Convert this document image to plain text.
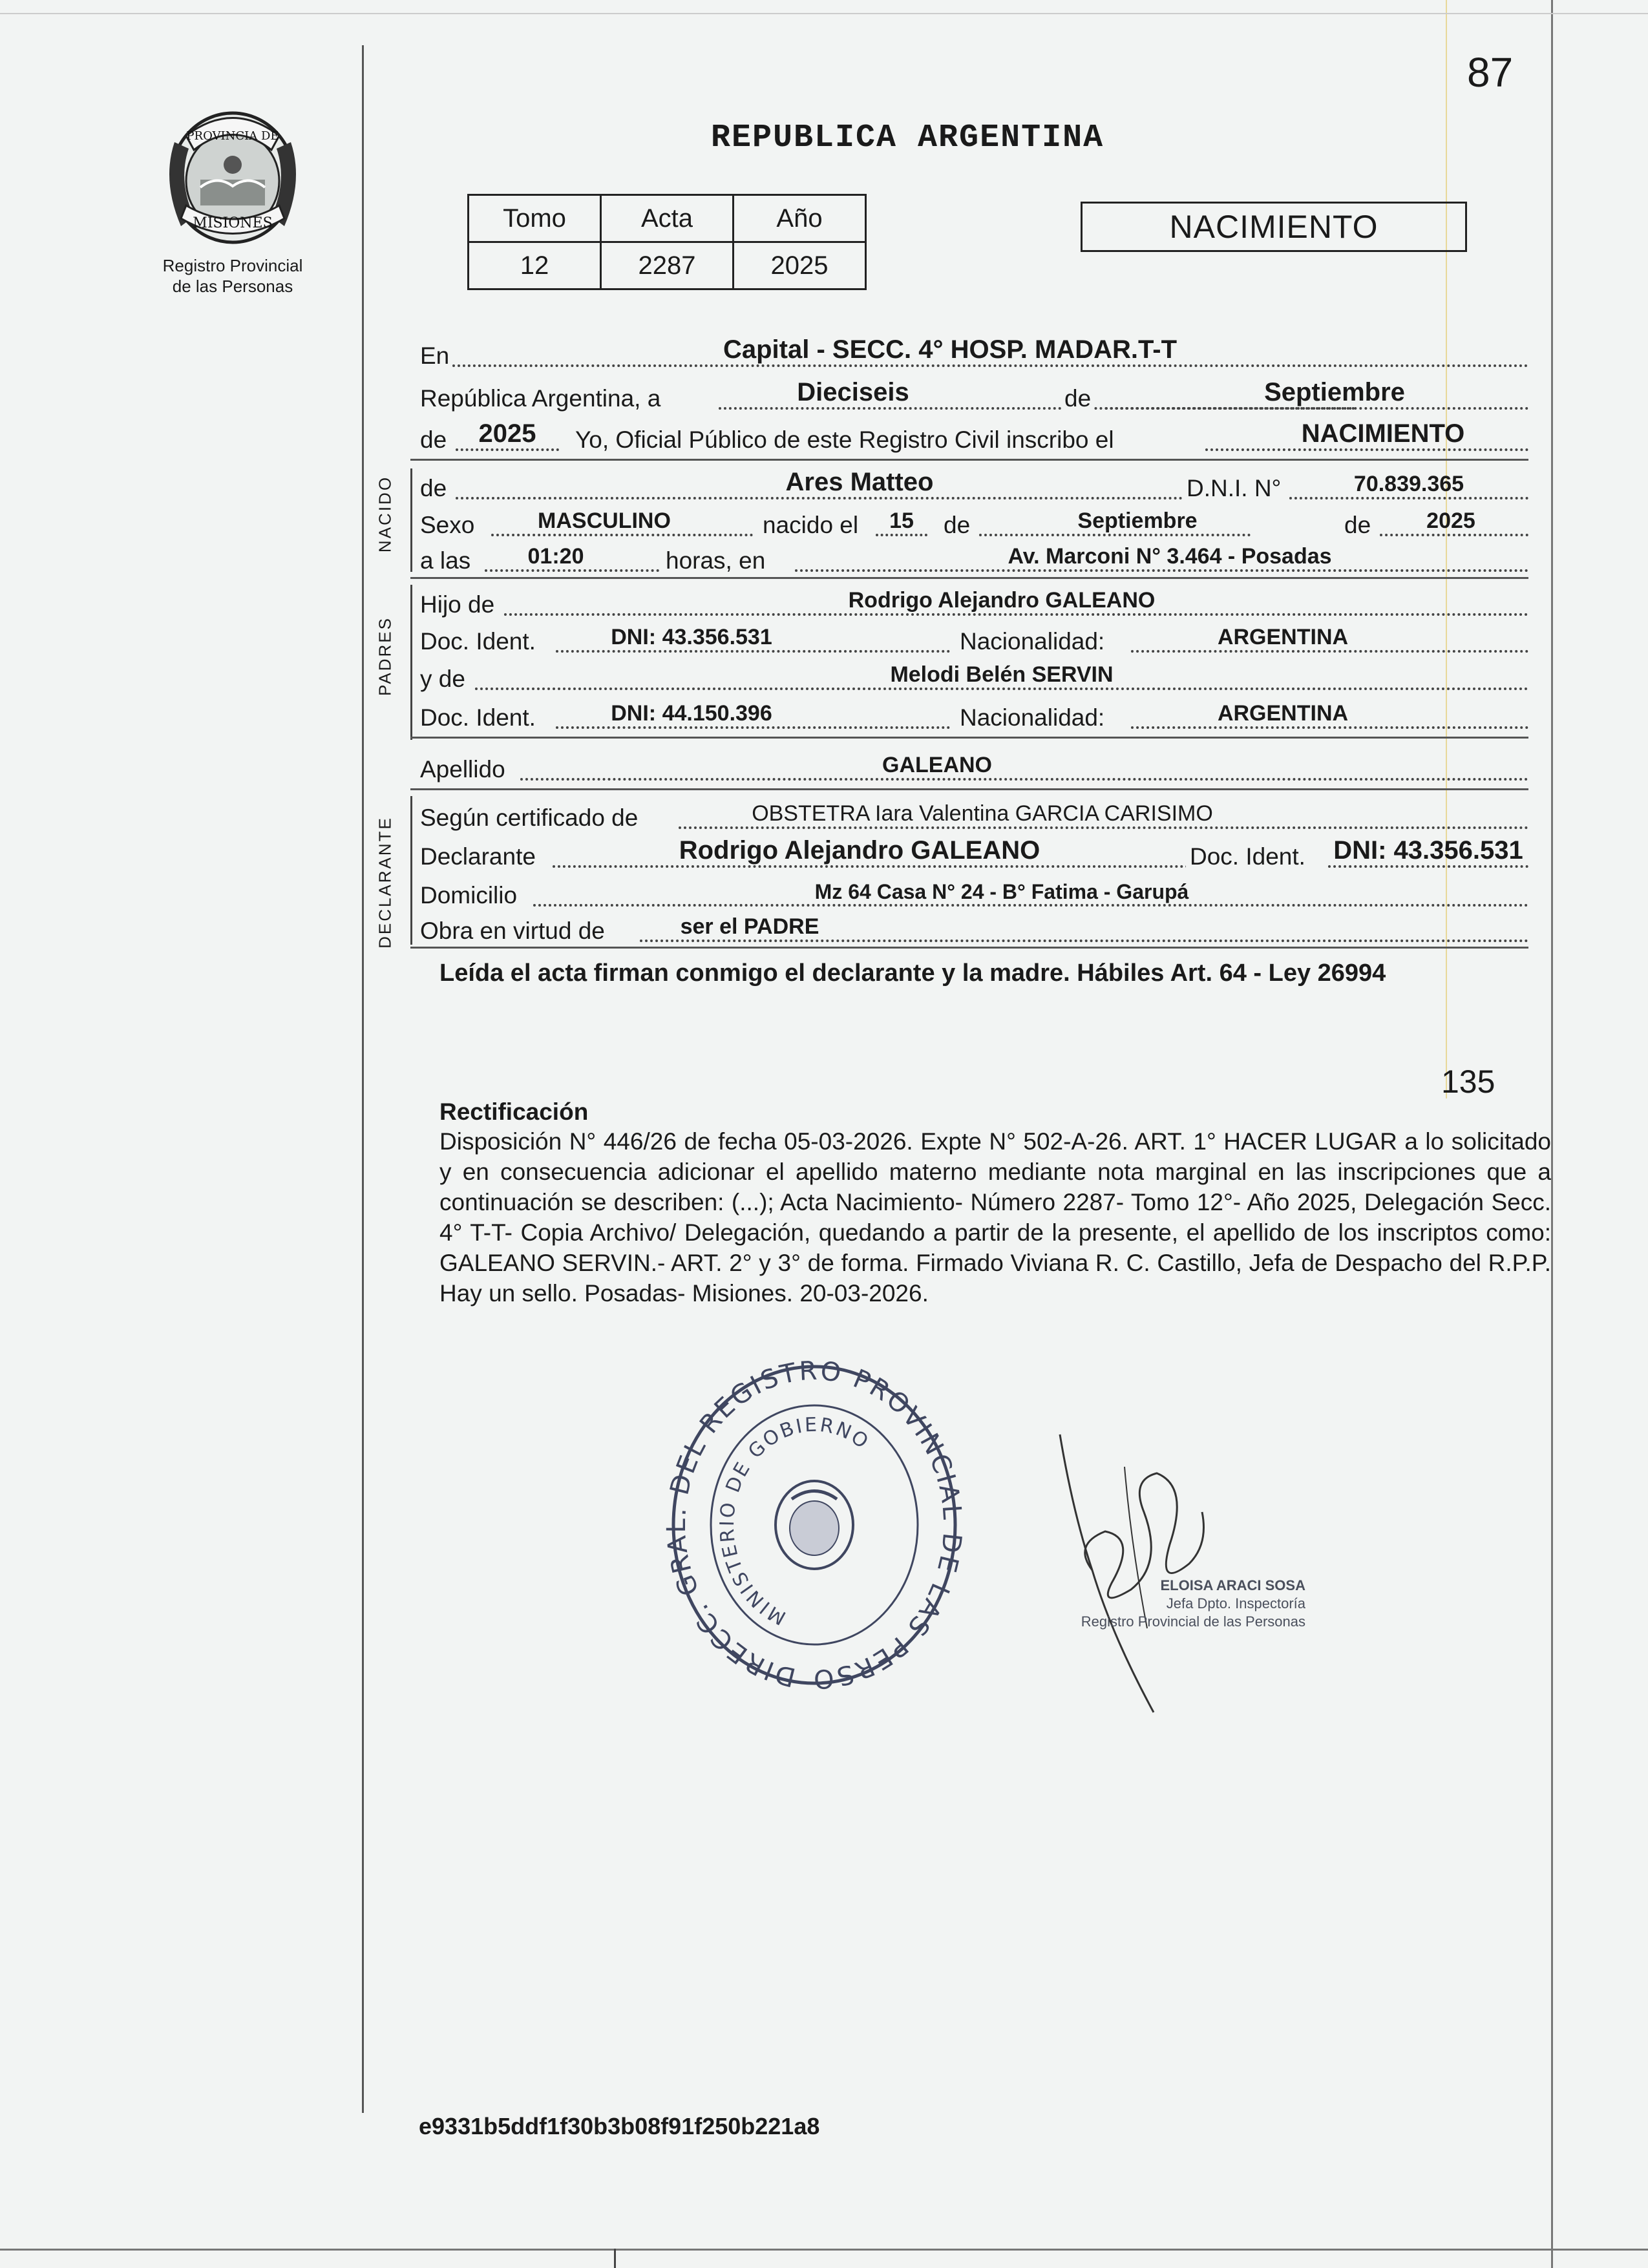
87
PROVINCIA DE
MISIONES
Registro Provincial
de las Personas
REPUBLICA ARGENTINA
Tomo	Acta	Año
12	2287	2025
NACIMIENTO
En	Capital - SECC. 4° HOSP. MADAR.T-T
República Argentina, a	Dieciseis	de	Septiembre
de	2025	Yo, Oficial Público de este Registro Civil inscribo el	NACIMIENTO
NACIDO de	Ares Matteo	D.N.I. N°	70.839.365
Sexo	MASCULINO	nacido el	15	de	Septiembre	de	2025
a las	01:20	horas, en	Av. Marconi N° 3.464 - Posadas
PADRES
Hijo de	Rodrigo Alejandro GALEANO
Doc. Ident.	DNI: 43.356.531	Nacionalidad:	ARGENTINA
y de	Melodi Belén SERVIN
Doc. Ident.	DNI: 44.150.396	Nacionalidad:	ARGENTINA
Apellido	GALEANO
DECLARANTE Según certificado de	OBSTETRA Iara Valentina GARCIA CARISIMO
Declarante	Rodrigo Alejandro GALEANO	Doc. Ident.	DNI: 43.356.531
Domicilio	Mz 64 Casa N° 24 - B° Fatima - Garupá
Obra en virtud de	ser el PADRE
Leída el acta firman conmigo el declarante y la madre. Hábiles Art. 64 - Ley 26994
135
Rectificación
Disposición N° 446/26 de fecha 05-03-2026. Expte N° 502-A-26. ART. 1° HACER LUGAR a lo solicitado y en consecuencia adicionar el apellido materno mediante nota marginal en las inscripciones que a continuación se describen: (...); Acta Nacimiento- Número 2287- Tomo 12°- Año 2025, Delegación Secc. 4° T-T- Copia Archivo/ Delegación, quedando a partir de la presente, el apellido de los inscriptos como: GALEANO SERVIN.- ART. 2° y 3° de forma. Firmado Viviana R. C. Castillo, Jefa de Despacho del R.P.P. Hay un sello. Posadas- Misiones. 20-03-2026.
DIRECC. GRAL. DEL REGISTRO PROVINCIAL DE LAS PERSO
MINISTERIO DE GOBIERNO
ELOISA ARACI SOSA
Jefa Dpto. Inspectoría
Registro Provincial de las Personas
e9331b5ddf1f30b3b08f91f250b221a8
